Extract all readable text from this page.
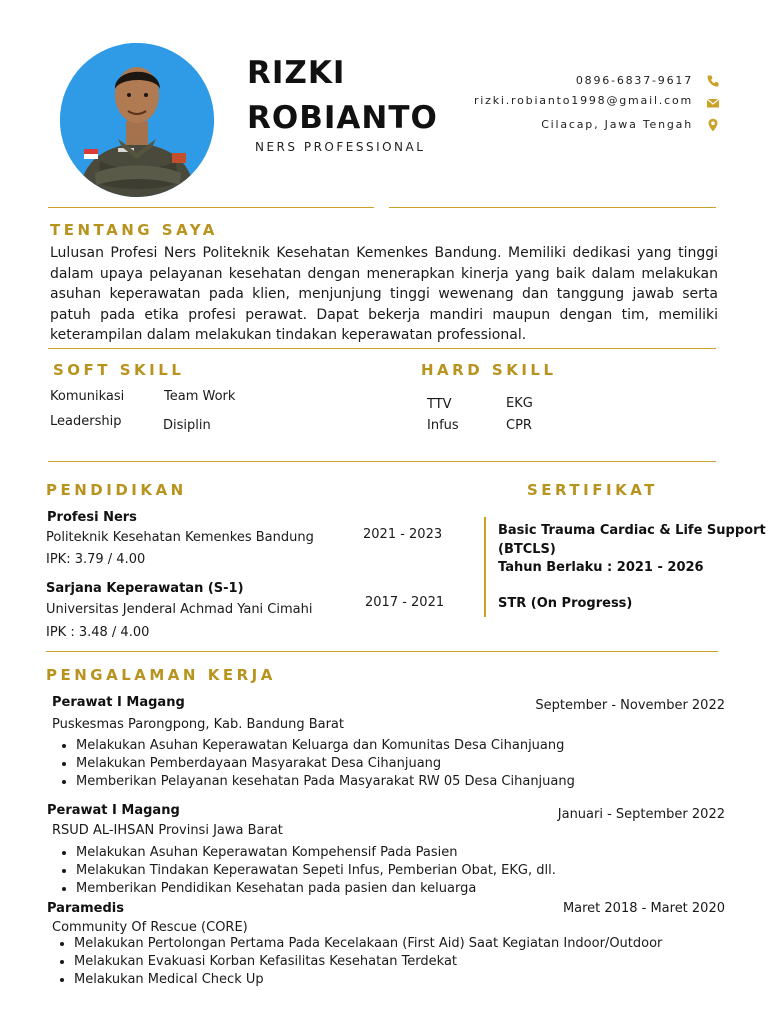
RIZKI
ROBIANTO
NERS PROFESSIONAL
0896-6837-9617
rizki.robianto1998@gmail.com
Cilacap, Jawa Tengah
TENTANG SAYA
Lulusan Profesi Ners Politeknik Kesehatan Kemenkes Bandung. Memiliki dedikasi yang tinggi dalam upaya pelayanan kesehatan dengan menerapkan kinerja yang baik dalam melakukan asuhan keperawatan pada klien, menjunjung tinggi wewenang dan tanggung jawab serta patuh pada etika profesi perawat. Dapat bekerja mandiri maupun dengan tim, memiliki keterampilan dalam melakukan tindakan keperawatan professional.
SOFT SKILL
Komunikasi	Team Work
Leadership	Disiplin
HARD SKILL
TTV	EKG
Infus	CPR
PENDIDIKAN
Profesi Ners
Politeknik Kesehatan Kemenkes Bandung
IPK: 3.79 / 4.00
2021 - 2023
Sarjana Keperawatan (S-1)
Universitas Jenderal Achmad Yani Cimahi
IPK : 3.48 / 4.00
2017 - 2021
SERTIFIKAT
Basic Trauma Cardiac & Life Support
(BTCLS)
Tahun Berlaku : 2021 - 2026
STR (On Progress)
PENGALAMAN KERJA
Perawat I Magang	September - November 2022
Puskesmas Parongpong, Kab. Bandung Barat
• Melakukan Asuhan Keperawatan Keluarga dan Komunitas Desa Cihanjuang
• Melakukan Pemberdayaan Masyarakat Desa Cihanjuang
• Memberikan Pelayanan kesehatan Pada Masyarakat RW 05 Desa Cihanjuang
Perawat I Magang	Januari - September 2022
RSUD AL-IHSAN Provinsi Jawa Barat
• Melakukan Asuhan Keperawatan Kompehensif Pada Pasien
• Melakukan Tindakan Keperawatan Sepeti Infus, Pemberian Obat, EKG, dll.
• Memberikan Pendidikan Kesehatan pada pasien dan keluarga
Paramedis	Maret 2018 - Maret 2020
Community Of Rescue (CORE)
• Melakukan Pertolongan Pertama Pada Kecelakaan (First Aid) Saat Kegiatan Indoor/Outdoor
• Melakukan Evakuasi Korban Kefasilitas Kesehatan Terdekat
• Melakukan Medical Check Up
